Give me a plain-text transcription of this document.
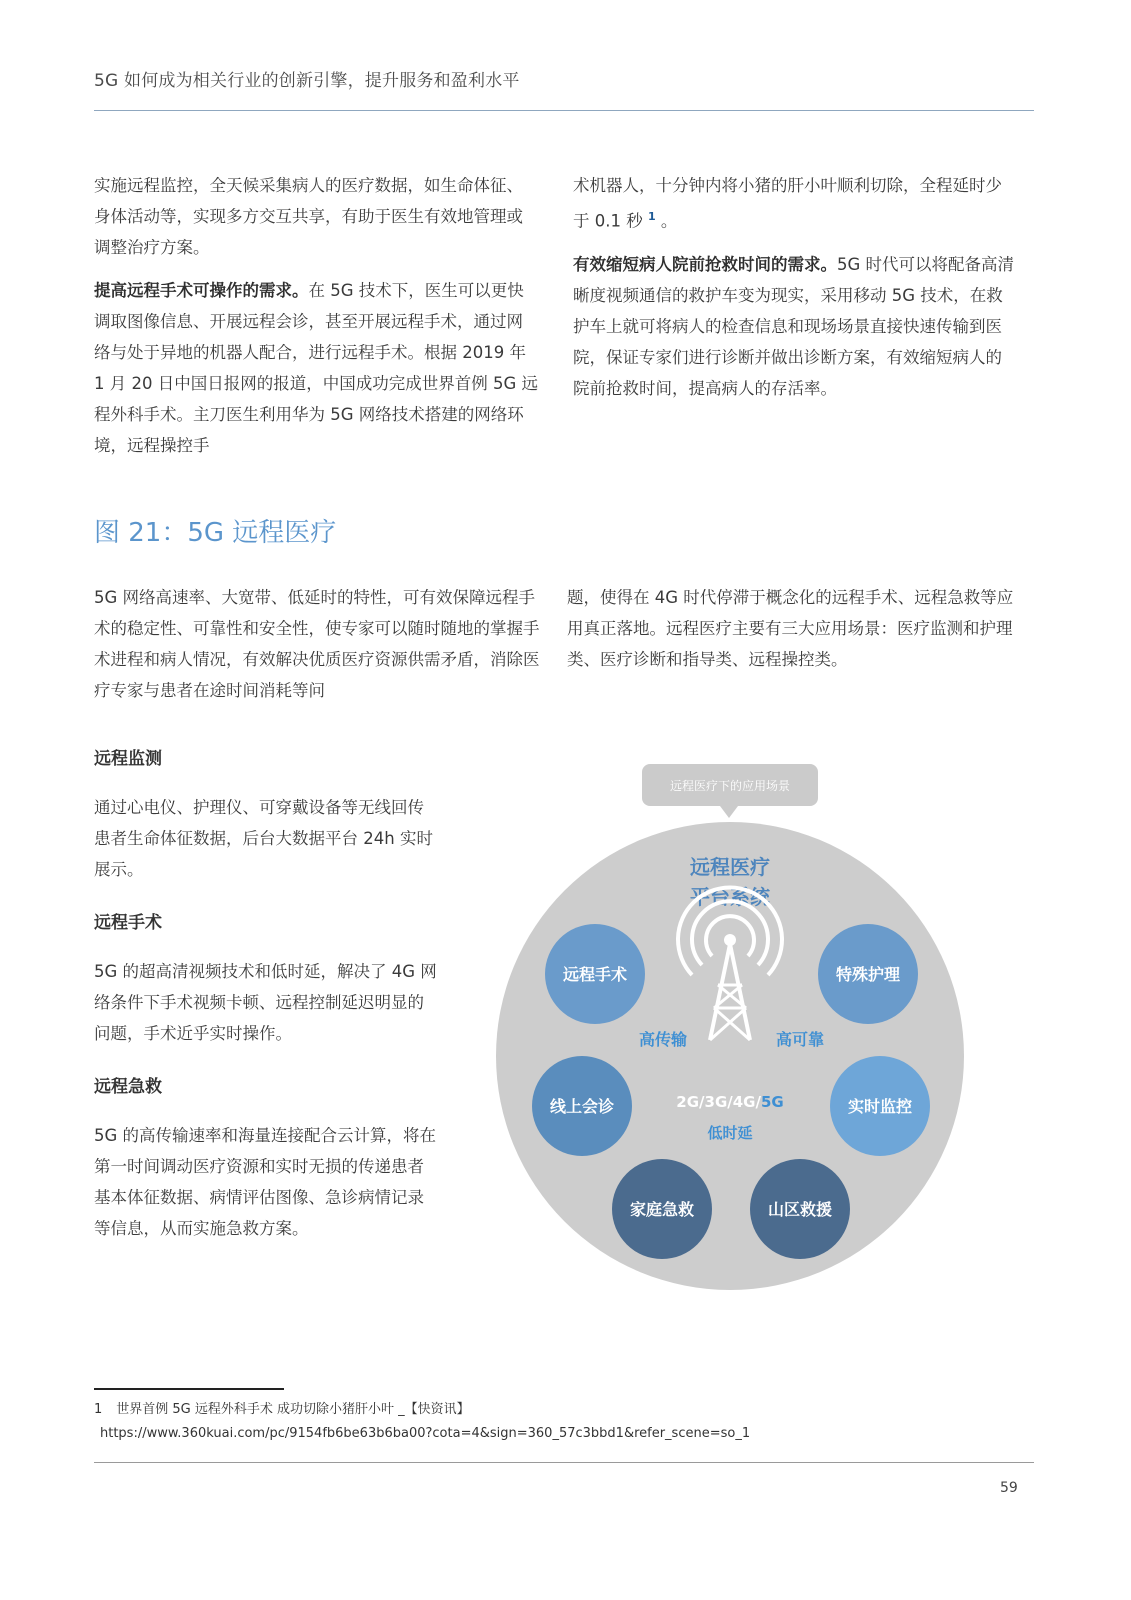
5G 如何成为相关行业的创新引擎，提升服务和盈利水平

实施远程监控，全天候采集病人的医疗数据，如生命体征、身体活动等，实现多方交互共享，有助于医生有效地管理或调整治疗方案。

提高远程手术可操作的需求。在 5G 技术下，医生可以更快调取图像信息、开展远程会诊，甚至开展远程手术，通过网络与处于异地的机器人配合，进行远程手术。根据 2019 年 1 月 20 日中国日报网的报道，中国成功完成世界首例 5G 远程外科手术。主刀医生利用华为 5G 网络技术搭建的网络环境，远程操控手

术机器人，十分钟内将小猪的肝小叶顺利切除，全程延时少于 0.1 秒 $^1$ 。

有效缩短病人院前抢救时间的需求。5G 时代可以将配备高清晰度视频通信的救护车变为现实，采用移动 5G 技术，在救护车上就可将病人的检查信息和现场场景直接快速传输到医院，保证专家们进行诊断并做出诊断方案，有效缩短病人的院前抢救时间，提高病人的存活率。

图 21：5G 远程医疗

5G 网络高速率、大宽带、低延时的特性，可有效保障远程手术的稳定性、可靠性和安全性，使专家可以随时随地的掌握手术进程和病人情况，有效解决优质医疗资源供需矛盾，消除医疗专家与患者在途时间消耗等问

题，使得在 4G 时代停滞于概念化的远程手术、远程急救等应用真正落地。远程医疗主要有三大应用场景：医疗监测和护理类、医疗诊断和指导类、远程操控类。

远程监测
通过心电仪、护理仪、可穿戴设备等无线回传患者生命体征数据，后台大数据平台 24h 实时展示。
远程手术
5G 的超高清视频技术和低时延，解决了 4G 网络条件下手术视频卡顿、远程控制延迟明显的问题，手术近乎实时操作。
远程急救
5G 的高传输速率和海量连接配合云计算，将在第一时间调动医疗资源和实时无损的传递患者基本体征数据、病情评估图像、急诊病情记录等信息，从而实施急救方案。
远程医疗下的应用场景
远程医疗
平台系统
高传输	高可靠
2G/3G/4G/5G
低时延
远程手术	特殊护理
线上会诊	实时监控
家庭急救	山区救援
1 世界首例 5G 远程外科手术 成功切除小猪肝小叶 _【快资讯】
https://www.360kuai.com/pc/9154fb6be63b6ba00?cota=4&sign=360_57c3bbd1&refer_scene=so_1
59
